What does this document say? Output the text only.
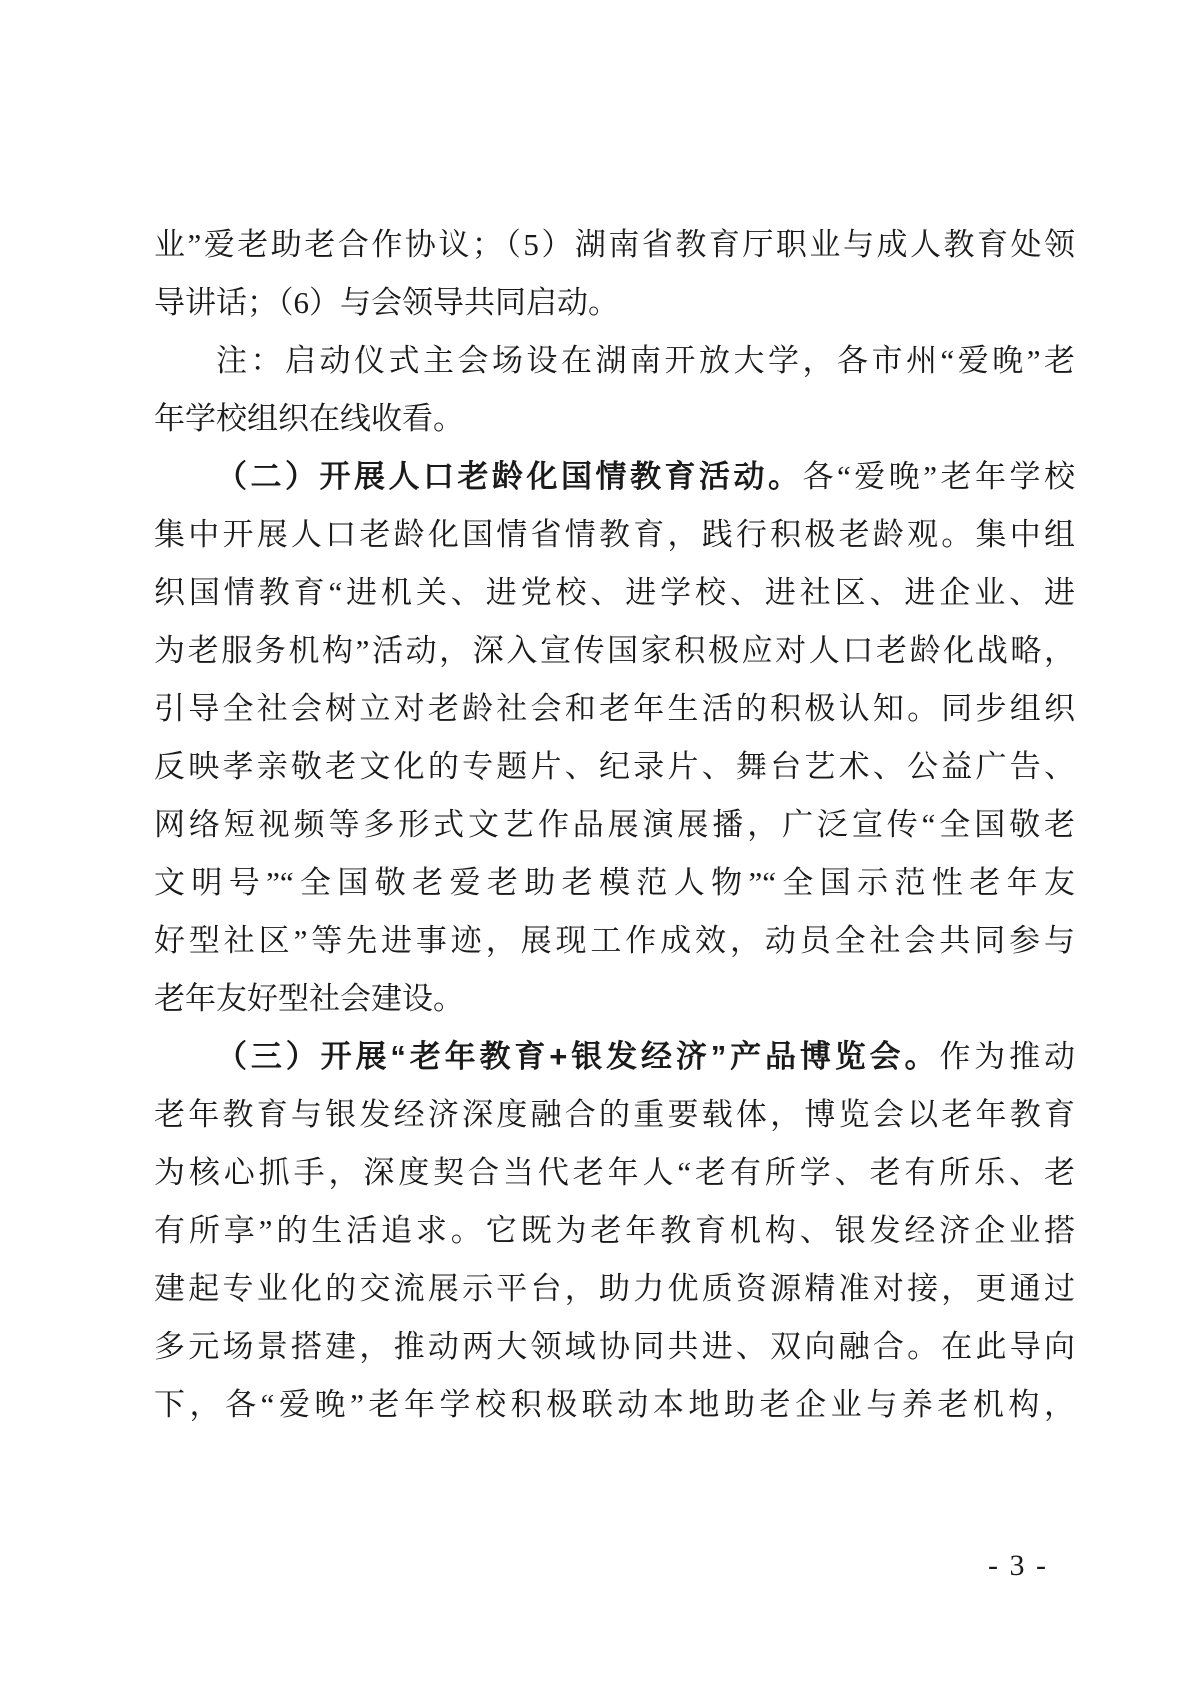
业”爱老助老合作协议；（5）湖南省教育厅职业与成人教育处领
导讲话；（6）与会领导共同启动。
注：启动仪式主会场设在湖南开放大学，各市州“爱晚”老
年学校组织在线收看。
（二）开展人口老龄化国情教育活动。各“爱晚”老年学校
集中开展人口老龄化国情省情教育，践行积极老龄观。集中组
织国情教育“进机关、进党校、进学校、进社区、进企业、进
为老服务机构”活动，深入宣传国家积极应对人口老龄化战略，
引导全社会树立对老龄社会和老年生活的积极认知。同步组织
反映孝亲敬老文化的专题片、纪录片、舞台艺术、公益广告、
网络短视频等多形式文艺作品展演展播，广泛宣传“全国敬老
文明号”“全国敬老爱老助老模范人物”“全国示范性老年友
好型社区”等先进事迹，展现工作成效，动员全社会共同参与
老年友好型社会建设。
（三）开展“老年教育+银发经济”产品博览会。作为推动
老年教育与银发经济深度融合的重要载体，博览会以老年教育
为核心抓手，深度契合当代老年人“老有所学、老有所乐、老
有所享”的生活追求。它既为老年教育机构、银发经济企业搭
建起专业化的交流展示平台，助力优质资源精准对接，更通过
多元场景搭建，推动两大领域协同共进、双向融合。在此导向
下，各“爱晚”老年学校积极联动本地助老企业与养老机构，
- 3 -
